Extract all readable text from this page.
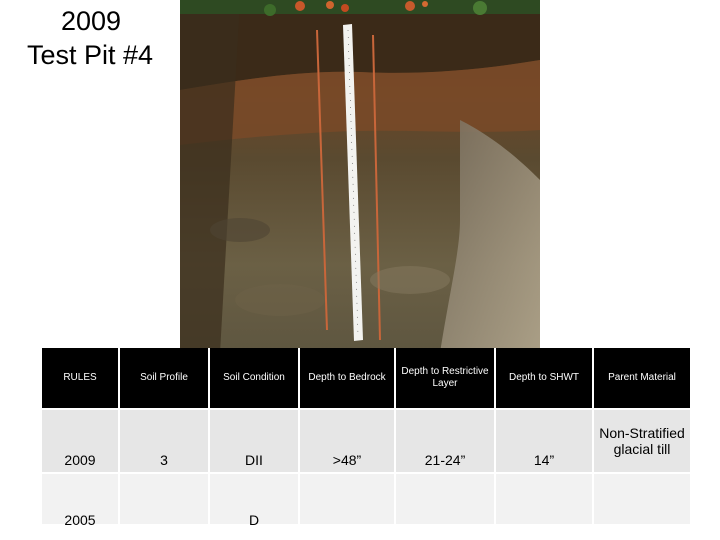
2009
Test Pit #4
RULES	Soil Profile	Soil Condition	Depth to Bedrock	Depth to Restrictive Layer	Depth to SHWT	Parent Material
2009	3	DII	>48”	21-24”	14”	Non-Stratified glacial till
2005		D				
